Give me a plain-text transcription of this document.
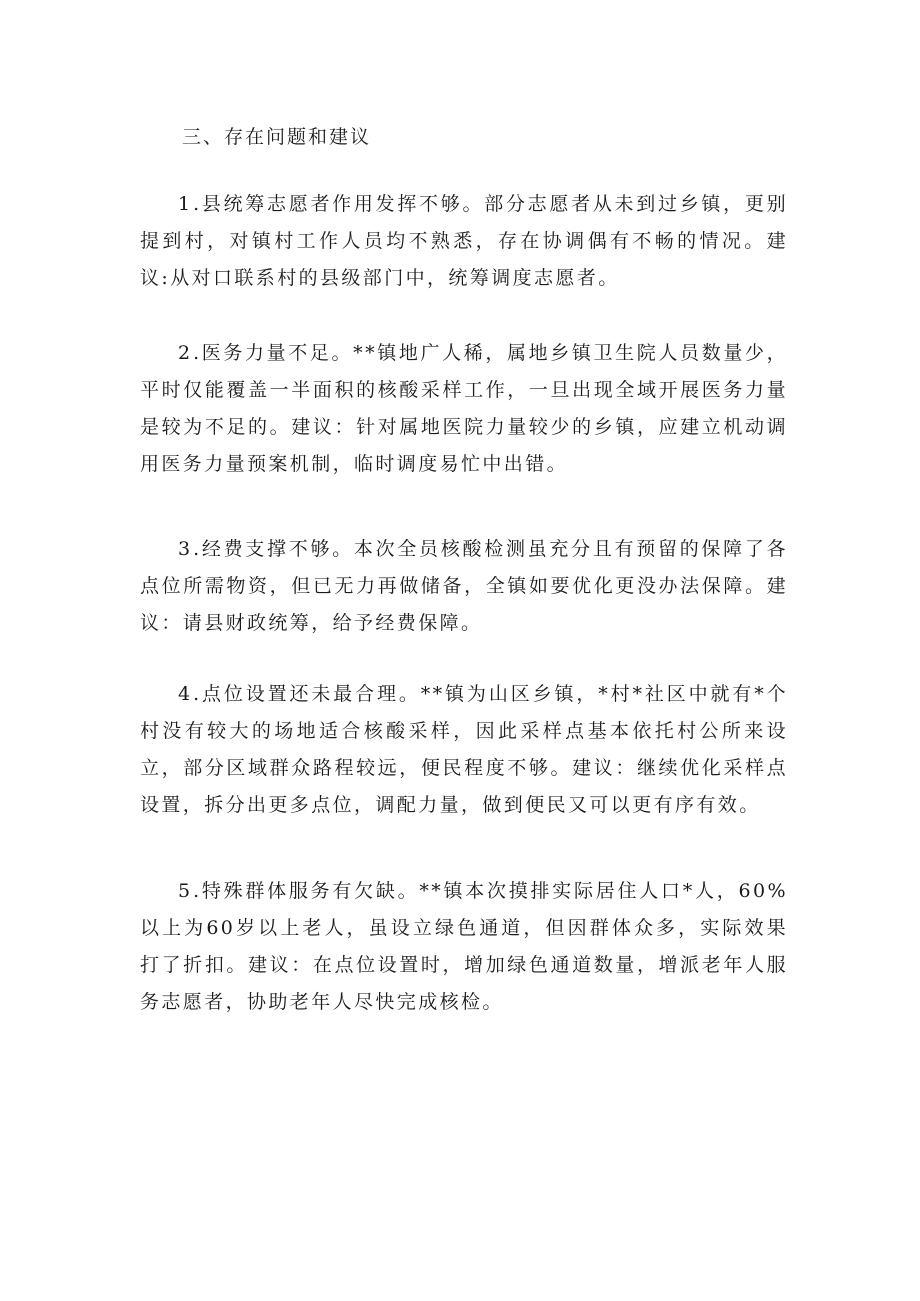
三、存在问题和建议
1.县统筹志愿者作用发挥不够。部分志愿者从未到过乡镇，更别提到村，对镇村工作人员均不熟悉，存在协调偶有不畅的情况。建议:从对口联系村的县级部门中，统筹调度志愿者。
2.医务力量不足。**镇地广人稀，属地乡镇卫生院人员数量少，平时仅能覆盖一半面积的核酸采样工作，一旦出现全域开展医务力量是较为不足的。建议：针对属地医院力量较少的乡镇，应建立机动调用医务力量预案机制，临时调度易忙中出错。
3.经费支撑不够。本次全员核酸检测虽充分且有预留的保障了各点位所需物资，但已无力再做储备，全镇如要优化更没办法保障。建议：请县财政统筹，给予经费保障。
4.点位设置还未最合理。**镇为山区乡镇，*村*社区中就有*个村没有较大的场地适合核酸采样，因此采样点基本依托村公所来设立，部分区域群众路程较远，便民程度不够。建议：继续优化采样点设置，拆分出更多点位，调配力量，做到便民又可以更有序有效。
5.特殊群体服务有欠缺。**镇本次摸排实际居住人口*人，60%以上为60岁以上老人，虽设立绿色通道，但因群体众多，实际效果打了折扣。建议：在点位设置时，增加绿色通道数量，增派老年人服务志愿者，协助老年人尽快完成核检。
